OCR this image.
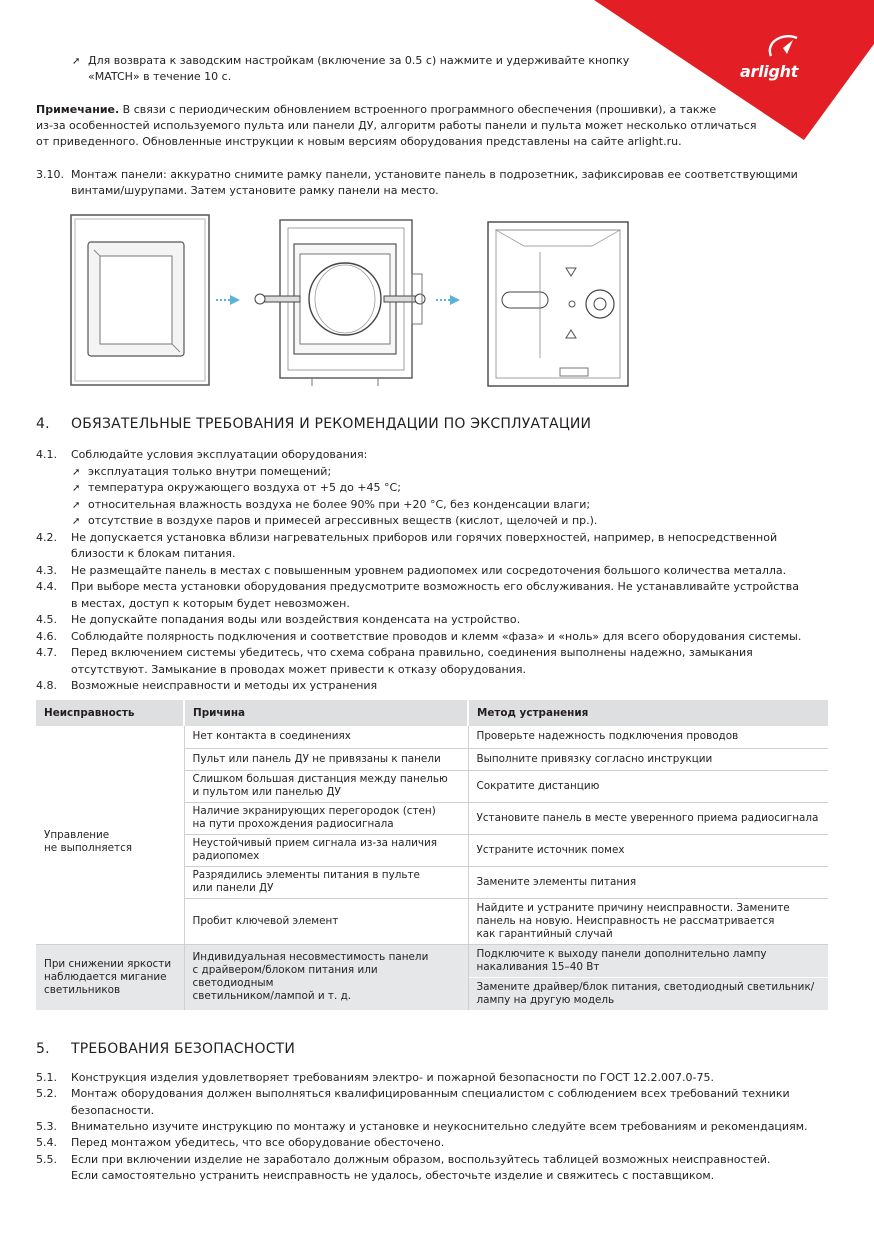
arlight
➚ Для возврата к заводским настройкам (включение за 0.5 с) нажмите и удерживайте кнопку
«MATCH» в течение 10 с.
Примечание. В связи с периодическим обновлением встроенного программного обеспечения (прошивки), а также
из-за особенностей используемого пульта или панели ДУ, алгоритм работы панели и пульта может несколько отличаться
от приведенного. Обновленные инструкции к новым версиям оборудования представлены на сайте arlight.ru.
3.10. Монтаж панели: аккуратно снимите рамку панели, установите панель в подрозетник, зафиксировав ее соответствующими
винтами/шурупами. Затем установите рамку панели на место.
4. ОБЯЗАТЕЛЬНЫЕ ТРЕБОВАНИЯ И РЕКОМЕНДАЦИИ ПО ЭКСПЛУАТАЦИИ
4.1.	Соблюдайте условия эксплуатации оборудования:
➚ эксплуатация только внутри помещений;
➚ температура окружающего воздуха от +5 до +45 °C;
➚ относительная влажность воздуха не более 90% при +20 °C, без конденсации влаги;
➚ отсутствие в воздухе паров и примесей агрессивных веществ (кислот, щелочей и пр.).
4.2.	Не допускается установка вблизи нагревательных приборов или горячих поверхностей, например, в непосредственной
близости к блокам питания.
4.3.	Не размещайте панель в местах с повышенным уровнем радиопомех или сосредоточения большого количества металла.
4.4.	При выборе места установки оборудования предусмотрите возможность его обслуживания. Не устанавливайте устройства
в местах, доступ к которым будет невозможен.
4.5.	Не допускайте попадания воды или воздействия конденсата на устройство.
4.6.	Соблюдайте полярность подключения и соответствие проводов и клемм «фаза» и «ноль» для всего оборудования системы.
4.7.	Перед включением системы убедитесь, что схема собрана правильно, соединения выполнены надежно, замыкания
отсутствуют. Замыкание в проводах может привести к отказу оборудования.
4.8.	Возможные неисправности и методы их устранения
Неисправность	Причина	Метод устранения
Управление
не выполняется	Нет контакта в соединениях	Проверьте надежность подключения проводов
	Пульт или панель ДУ не привязаны к панели	Выполните привязку согласно инструкции
	Слишком большая дистанция между панелью
и пультом или панелью ДУ	Сократите дистанцию
	Наличие экранирующих перегородок (стен)
на пути прохождения радиосигнала	Установите панель в месте уверенного приема радиосигнала
	Неустойчивый прием сигнала из-за наличия
радиопомех	Устраните источник помех
	Разрядились элементы питания в пульте
или панели ДУ	Замените элементы питания
	Пробит ключевой элемент	Найдите и устраните причину неисправности. Замените
панель на новую. Неисправность не рассматривается
как гарантийный случай
При снижении яркости
наблюдается мигание
светильников	Индивидуальная несовместимость панели
с драйвером/блоком питания или светодиодным
светильником/лампой и т. д.	Подключите к выходу панели дополнительно лампу
накаливания 15–40 Вт
		Замените драйвер/блок питания, светодиодный светильник/
лампу на другую модель
5. ТРЕБОВАНИЯ БЕЗОПАСНОСТИ
5.1.	Конструкция изделия удовлетворяет требованиям электро- и пожарной безопасности по ГОСТ 12.2.007.0-75.
5.2.	Монтаж оборудования должен выполняться квалифицированным специалистом с соблюдением всех требований техники
безопасности.
5.3.	Внимательно изучите инструкцию по монтажу и установке и неукоснительно следуйте всем требованиям и рекомендациям.
5.4.	Перед монтажом убедитесь, что все оборудование обесточено.
5.5.	Если при включении изделие не заработало должным образом, воспользуйтесь таблицей возможных неисправностей.
Если самостоятельно устранить неисправность не удалось, обесточьте изделие и свяжитесь с поставщиком.
